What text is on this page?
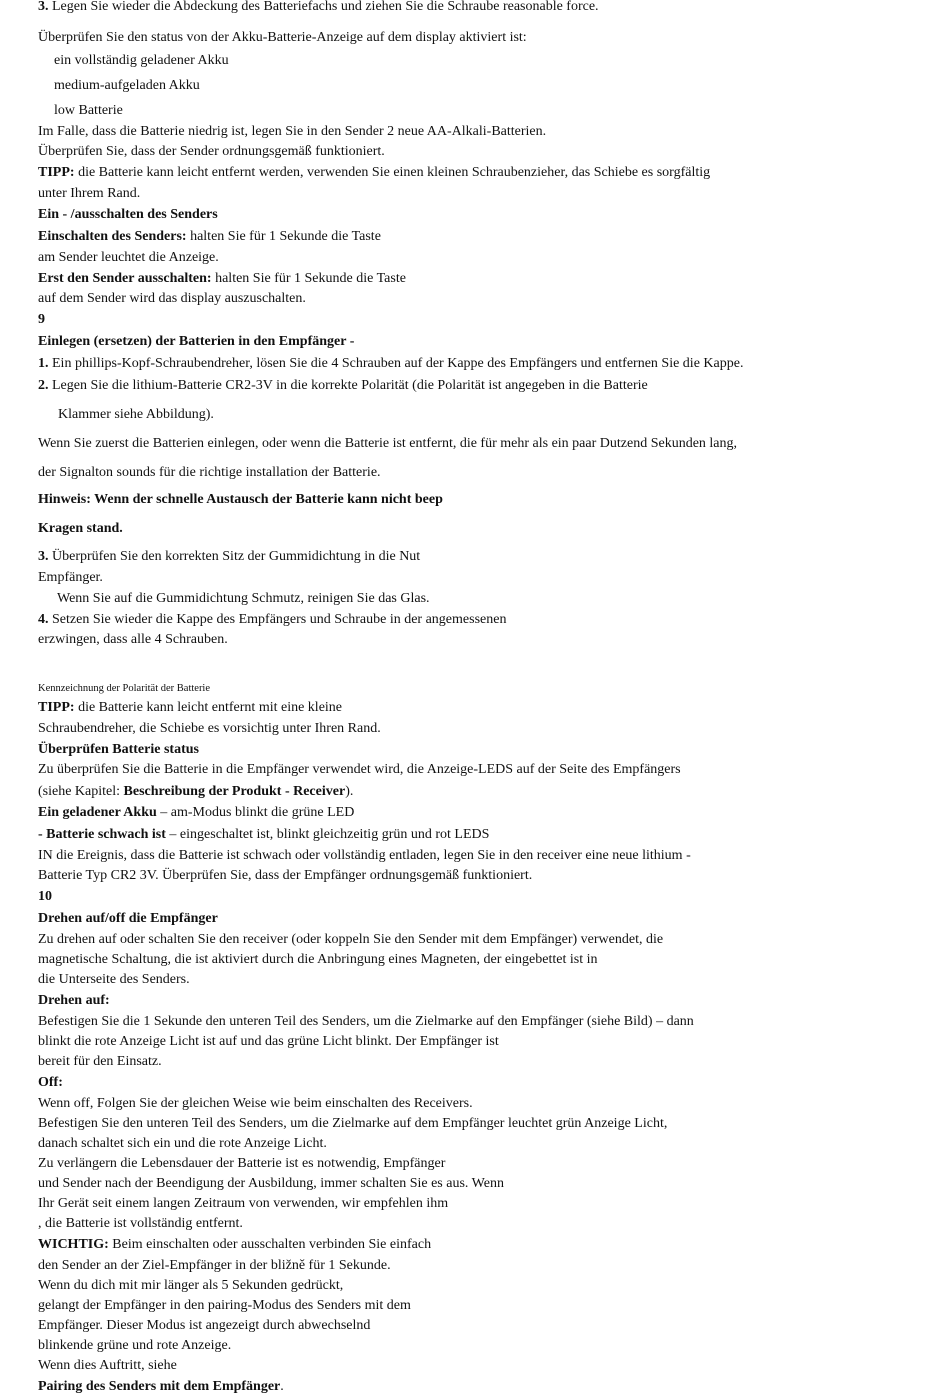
3. Legen Sie wieder die Abdeckung des Batteriefachs und ziehen Sie die Schraube reasonable force.
Überprüfen Sie den status von der Akku-Batterie-Anzeige auf dem display aktiviert ist:
ein vollständig geladener Akku
medium-aufgeladen Akku
low Batterie
Im Falle, dass die Batterie niedrig ist, legen Sie in den Sender 2 neue AA-Alkali-Batterien.
Überprüfen Sie, dass der Sender ordnungsgemäß funktioniert.
TIPP: die Batterie kann leicht entfernt werden, verwenden Sie einen kleinen Schraubenzieher, das Schiebe es sorgfältig
unter Ihrem Rand.
Ein - /ausschalten des Senders
Einschalten des Senders: halten Sie für 1 Sekunde die Taste
am Sender leuchtet die Anzeige.
Erst den Sender ausschalten: halten Sie für 1 Sekunde die Taste
auf dem Sender wird das display auszuschalten.
9
Einlegen (ersetzen) der Batterien in den Empfänger -
1. Ein phillips-Kopf-Schraubendreher, lösen Sie die 4 Schrauben auf der Kappe des Empfängers und entfernen Sie die Kappe.
2. Legen Sie die lithium-Batterie CR2-3V in die korrekte Polarität (die Polarität ist angegeben in die Batterie
Klammer siehe Abbildung).
Wenn Sie zuerst die Batterien einlegen, oder wenn die Batterie ist entfernt, die für mehr als ein paar Dutzend Sekunden lang,
der Signalton sounds für die richtige installation der Batterie.
Hinweis: Wenn der schnelle Austausch der Batterie kann nicht beep
Kragen stand.
3. Überprüfen Sie den korrekten Sitz der Gummidichtung in die Nut
Empfänger.
Wenn Sie auf die Gummidichtung Schmutz, reinigen Sie das Glas.
4. Setzen Sie wieder die Kappe des Empfängers und Schraube in der angemessenen
erzwingen, dass alle 4 Schrauben.
Kennzeichnung der Polarität der Batterie
TIPP: die Batterie kann leicht entfernt mit eine kleine
Schraubendreher, die Schiebe es vorsichtig unter Ihren Rand.
Überprüfen Batterie status
Zu überprüfen Sie die Batterie in die Empfänger verwendet wird, die Anzeige-LEDS auf der Seite des Empfängers
(siehe Kapitel: Beschreibung der Produkt - Receiver).
Ein geladener Akku – am-Modus blinkt die grüne LED
- Batterie schwach ist – eingeschaltet ist, blinkt gleichzeitig grün und rot LEDS
IN die Ereignis, dass die Batterie ist schwach oder vollständig entladen, legen Sie in den receiver eine neue lithium -
Batterie Typ CR2 3V. Überprüfen Sie, dass der Empfänger ordnungsgemäß funktioniert.
10
Drehen auf/off die Empfänger
Zu drehen auf oder schalten Sie den receiver (oder koppeln Sie den Sender mit dem Empfänger) verwendet, die
magnetische Schaltung, die ist aktiviert durch die Anbringung eines Magneten, der eingebettet ist in
die Unterseite des Senders.
Drehen auf:
Befestigen Sie die 1 Sekunde den unteren Teil des Senders, um die Zielmarke auf den Empfänger (siehe Bild) – dann
blinkt die rote Anzeige Licht ist auf und das grüne Licht blinkt. Der Empfänger ist
bereit für den Einsatz.
Off:
Wenn off, Folgen Sie der gleichen Weise wie beim einschalten des Receivers.
Befestigen Sie den unteren Teil des Senders, um die Zielmarke auf dem Empfänger leuchtet grün Anzeige Licht,
danach schaltet sich ein und die rote Anzeige Licht.
Zu verlängern die Lebensdauer der Batterie ist es notwendig, Empfänger
und Sender nach der Beendigung der Ausbildung, immer schalten Sie es aus. Wenn
Ihr Gerät seit einem langen Zeitraum von verwenden, wir empfehlen ihm
, die Batterie ist vollständig entfernt.
WICHTIG: Beim einschalten oder ausschalten verbinden Sie einfach
den Sender an der Ziel-Empfänger in der bližně für 1 Sekunde.
Wenn du dich mit mir länger als 5 Sekunden gedrückt,
gelangt der Empfänger in den pairing-Modus des Senders mit dem
Empfänger. Dieser Modus ist angezeigt durch abwechselnd
blinkende grüne und rote Anzeige.
Wenn dies Auftritt, siehe
Pairing des Senders mit dem Empfänger.
